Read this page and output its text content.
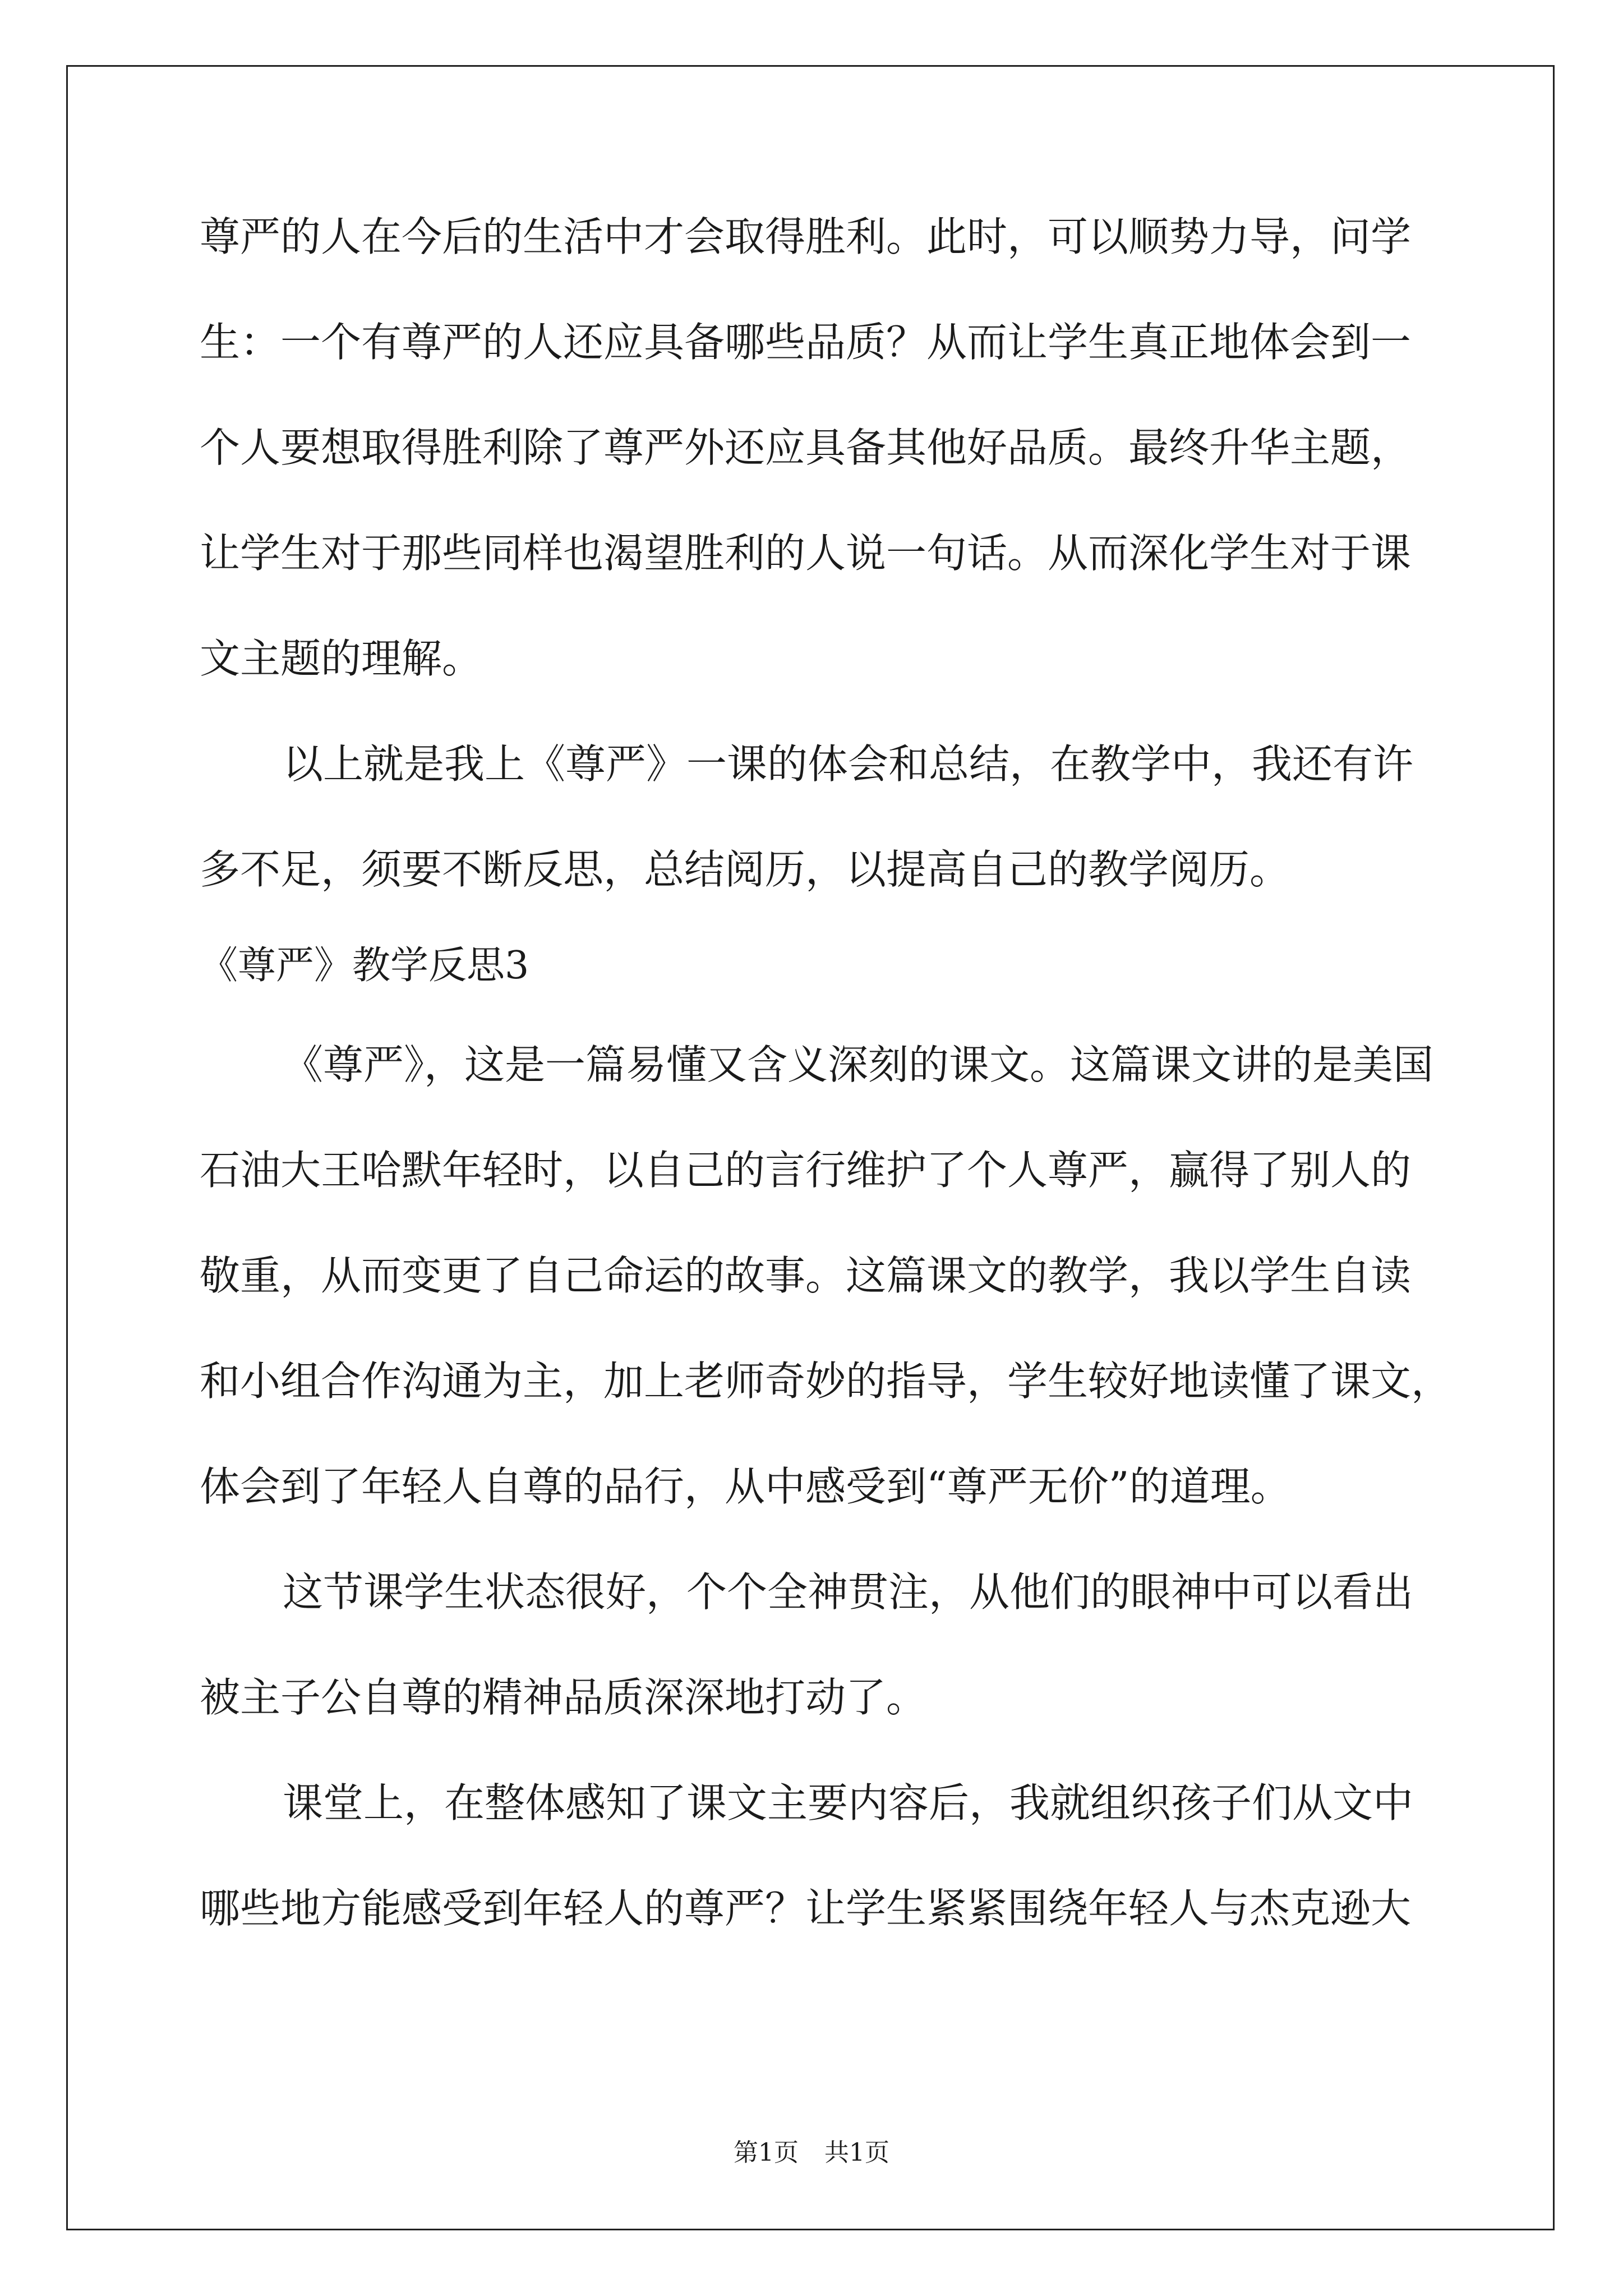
尊严的人在今后的生活中才会取得胜利。此时，可以顺势力导，问学
生：一个有尊严的人还应具备哪些品质？从而让学生真正地体会到一
个人要想取得胜利除了尊严外还应具备其他好品质。最终升华主题，
让学生对于那些同样也渴望胜利的人说一句话。从而深化学生对于课
文主题的理解。
以上就是我上《尊严》一课的体会和总结，在教学中，我还有许
多不足，须要不断反思，总结阅历，以提高自己的教学阅历。
《尊严》教学反思3
《尊严》，这是一篇易懂又含义深刻的课文。这篇课文讲的是美国
石油大王哈默年轻时，以自己的言行维护了个人尊严，赢得了别人的
敬重，从而变更了自己命运的故事。这篇课文的教学，我以学生自读
和小组合作沟通为主，加上老师奇妙的指导，学生较好地读懂了课文，
体会到了年轻人自尊的品行，从中感受到“尊严无价”的道理。
这节课学生状态很好，个个全神贯注，从他们的眼神中可以看出
被主子公自尊的精神品质深深地打动了。
课堂上，在整体感知了课文主要内容后，我就组织孩子们从文中
哪些地方能感受到年轻人的尊严？让学生紧紧围绕年轻人与杰克逊大
第1页 共1页
